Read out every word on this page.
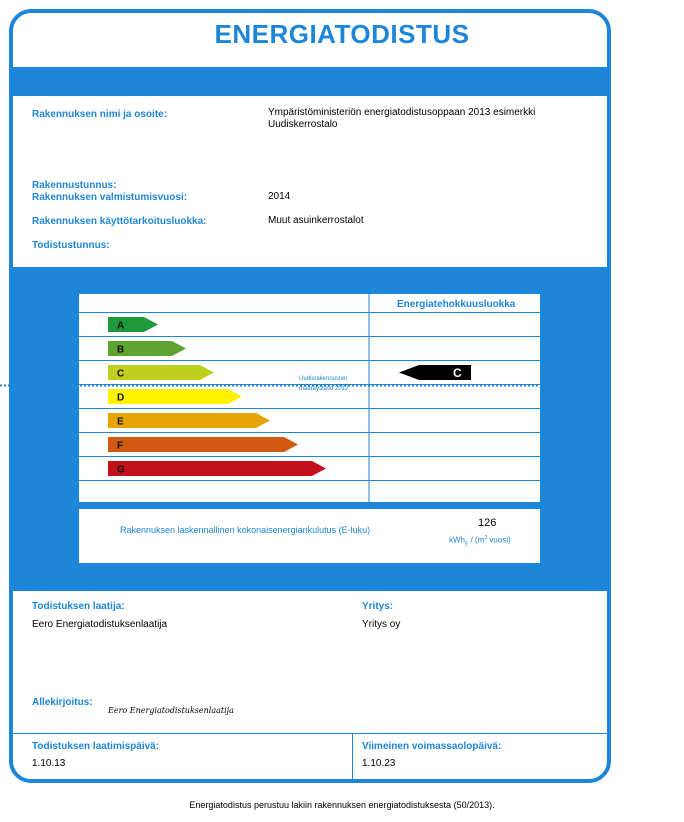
ENERGIATODISTUS
Rakennuksen nimi ja osoite:	Ympäristöministeriön energiatodistusoppaan 2013 esimerkki
Uudiskerrostalo
Rakennustunnus:
Rakennuksen valmistumisvuosi:	2014
Rakennuksen käyttötarkoitusluokka:	Muut asuinkerrostalot
Todistustunnus:
Energiatehokkuusluokka
A
B
C
D
E
F
G
C
Uudisrakennusten
määräystaso 2012
Rakennuksen laskennallinen kokonaisenergiankulutus (E-luku)
126
$kWh_E / (m^2$ vuosi)
Todistuksen laatija:
Eero Energiatodistuksenlaatija
Yritys:
Yritys oy
Allekirjoitus:
Eero Energiatodistuksenlaatija
Todistuksen laatimispäivä:
1.10.13
Viimeinen voimassaolopäivä:
1.10.23
Energiatodistus perustuu lakiin rakennuksen energiatodistuksesta (50/2013).
